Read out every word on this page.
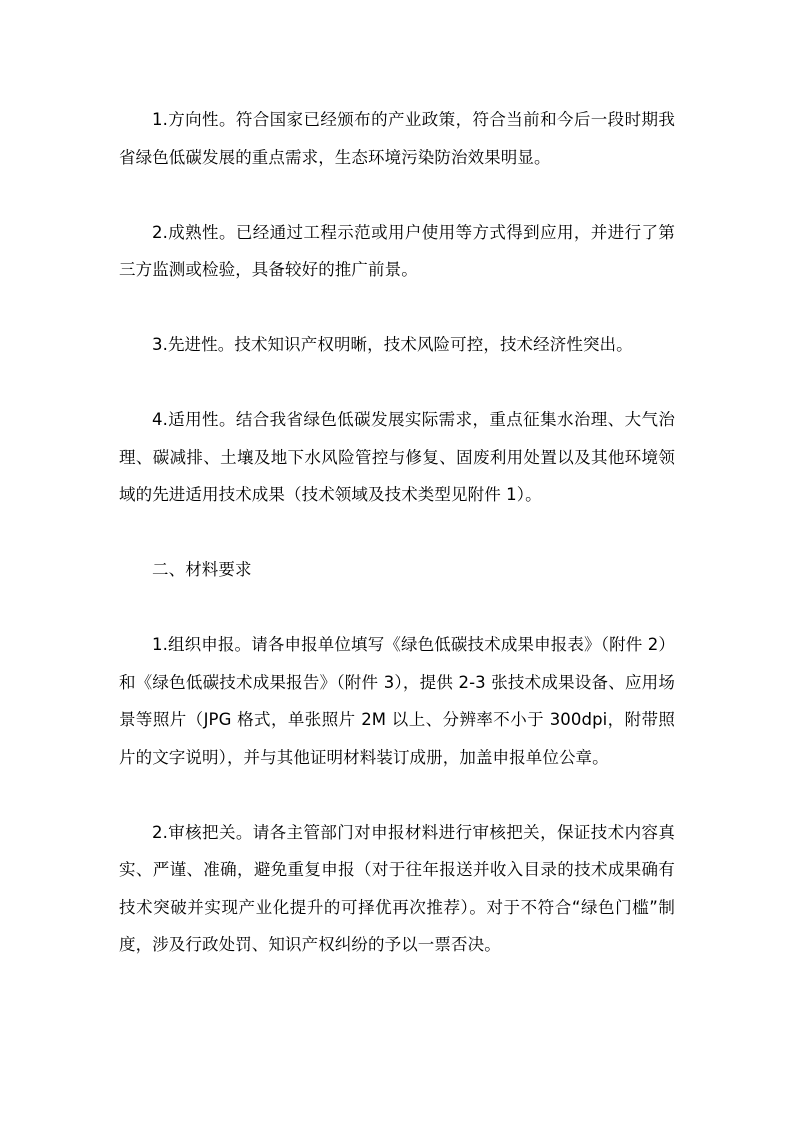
1.方向性。符合国家已经颁布的产业政策，符合当前和今后一段时期我省绿色低碳发展的重点需求，生态环境污染防治效果明显。

2.成熟性。已经通过工程示范或用户使用等方式得到应用，并进行了第三方监测或检验，具备较好的推广前景。

3.先进性。技术知识产权明晰，技术风险可控，技术经济性突出。

4.适用性。结合我省绿色低碳发展实际需求，重点征集水治理、大气治理、碳减排、土壤及地下水风险管控与修复、固废利用处置以及其他环境领域的先进适用技术成果（技术领域及技术类型见附件 1）。

二、材料要求

1.组织申报。请各申报单位填写《绿色低碳技术成果申报表》（附件 2）和《绿色低碳技术成果报告》（附件 3），提供 2-3 张技术成果设备、应用场景等照片（JPG 格式，单张照片 2M 以上、分辨率不小于 300dpi，附带照片的文字说明），并与其他证明材料装订成册，加盖申报单位公章。

2.审核把关。请各主管部门对申报材料进行审核把关，保证技术内容真实、严谨、准确，避免重复申报（对于往年报送并收入目录的技术成果确有技术突破并实现产业化提升的可择优再次推荐）。对于不符合“绿色门槛”制度，涉及行政处罚、知识产权纠纷的予以一票否决。
